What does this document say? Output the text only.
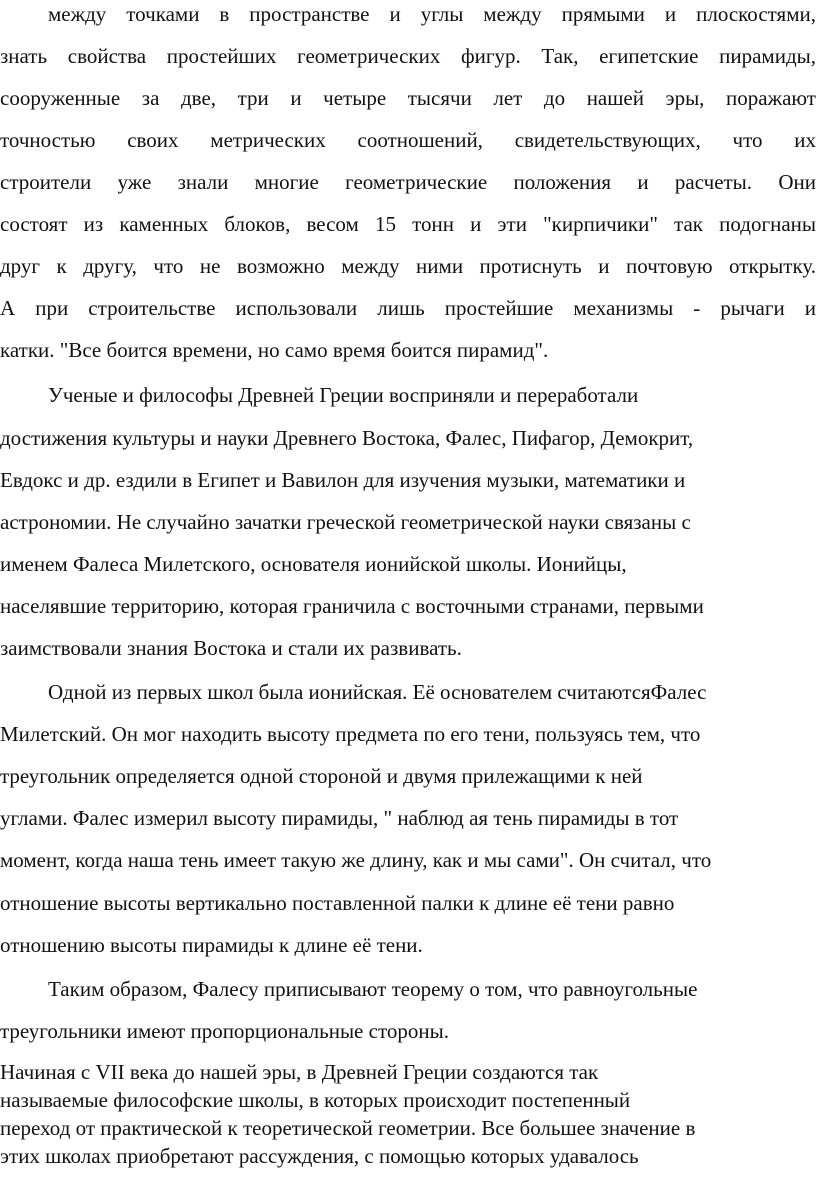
между точками в пространстве и углы между прямыми и плоскостями,
знать свойства простейших геометрических фигур. Так, египетские пирамиды,
сооруженные за две, три и четыре тысячи лет до нашей эры, поражают
точностью своих метрических соотношений, свидетельствующих, что их
строители уже знали многие геометрические положения и расчеты. Они
состоят из каменных блоков, весом 15 тонн и эти "кирпичики" так подогнаны
друг к другу, что не возможно между ними протиснуть и почтовую открытку.
А при строительстве использовали лишь простейшие механизмы - рычаги и
катки. "Все боится времени, но само время боится пирамид".
Ученые и философы Древней Греции восприняли и переработали
достижения культуры и науки Древнего Востока, Фалес, Пифагор, Демокрит,
Евдокс и др. ездили в Египет и Вавилон для изучения музыки, математики и
астрономии. Не случайно зачатки греческой геометрической науки связаны с
именем Фалеса Милетского, основателя ионийской школы. Ионийцы,
населявшие территорию, которая граничила с восточными странами, первыми
заимствовали знания Востока и стали их развивать.
Одной из первых школ была ионийская. Её основателем считаютсяФалес
Милетский. Он мог находить высоту предмета по его тени, пользуясь тем, что
треугольник определяется одной стороной и двумя прилежащими к ней
углами. Фалес измерил высоту пирамиды, " наблюд ая тень пирамиды в тот
момент, когда наша тень имеет такую же длину, как и мы сами". Он считал, что
отношение высоты вертикально поставленной палки к длине её тени равно
отношению высоты пирамиды к длине её тени.
Таким образом, Фалесу приписывают теорему о том, что равноугольные
треугольники имеют пропорциональные стороны.
Начиная с VII века до нашей эры, в Древней Греции создаются так
называемые философские школы, в которых происходит постепенный
переход от практической к теоретической геометрии. Все большее значение в
этих школах приобретают рассуждения, с помощью которых удавалось
